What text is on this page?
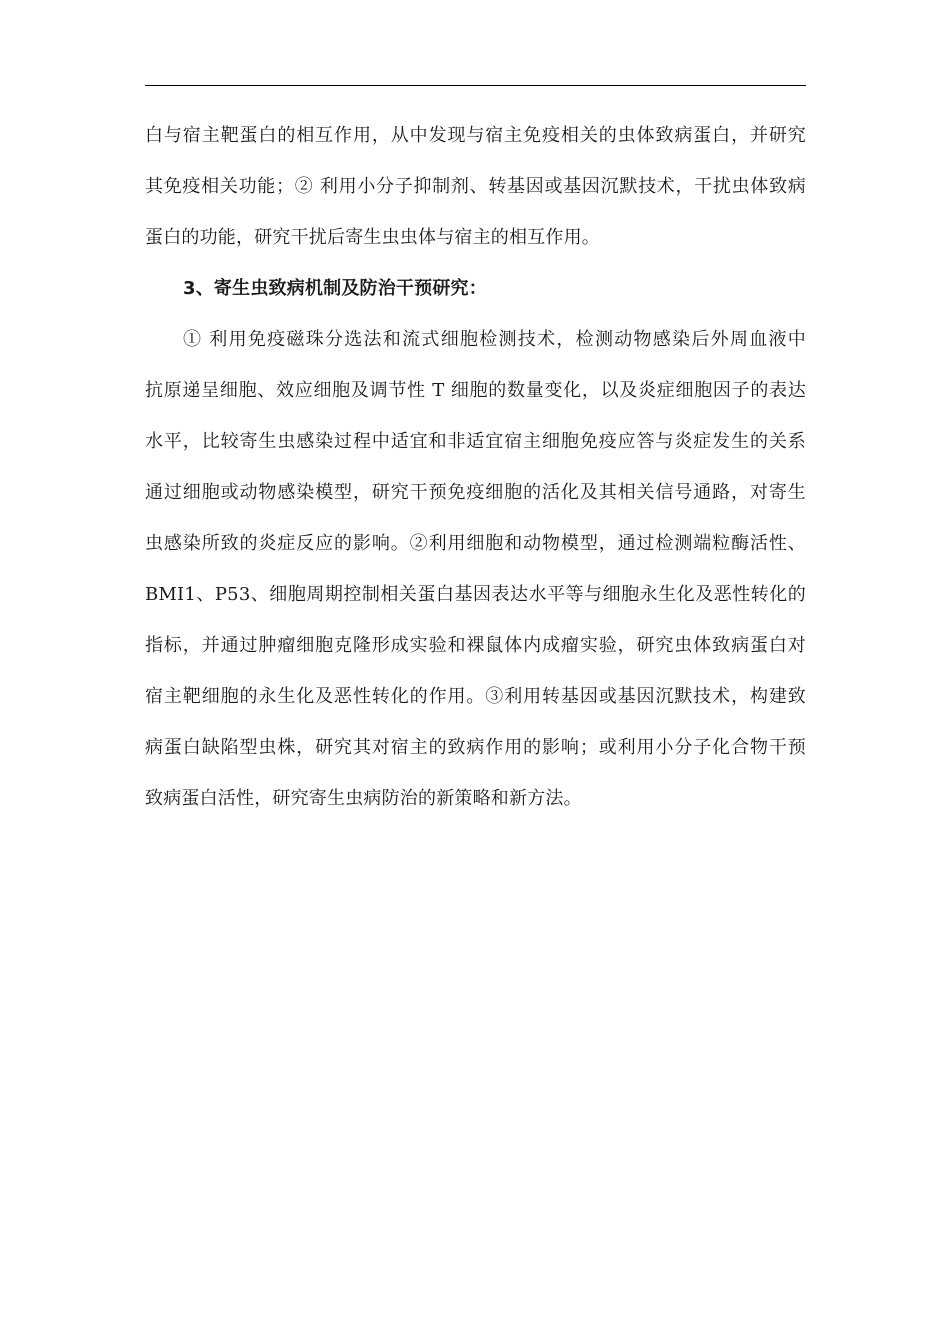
白与宿主靶蛋白的相互作用，从中发现与宿主免疫相关的虫体致病蛋白，并研究
其免疫相关功能；② 利用小分子抑制剂、转基因或基因沉默技术，干扰虫体致病
蛋白的功能，研究干扰后寄生虫虫体与宿主的相互作用。
3、寄生虫致病机制及防治干预研究：
① 利用免疫磁珠分选法和流式细胞检测技术，检测动物感染后外周血液中
抗原递呈细胞、效应细胞及调节性 T 细胞的数量变化，以及炎症细胞因子的表达
水平，比较寄生虫感染过程中适宜和非适宜宿主细胞免疫应答与炎症发生的关系
通过细胞或动物感染模型，研究干预免疫细胞的活化及其相关信号通路，对寄生
虫感染所致的炎症反应的影响。②利用细胞和动物模型，通过检测端粒酶活性、
BMI1、P53、细胞周期控制相关蛋白基因表达水平等与细胞永生化及恶性转化的
指标，并通过肿瘤细胞克隆形成实验和裸鼠体内成瘤实验，研究虫体致病蛋白对
宿主靶细胞的永生化及恶性转化的作用。③利用转基因或基因沉默技术，构建致
病蛋白缺陷型虫株，研究其对宿主的致病作用的影响；或利用小分子化合物干预
致病蛋白活性，研究寄生虫病防治的新策略和新方法。
